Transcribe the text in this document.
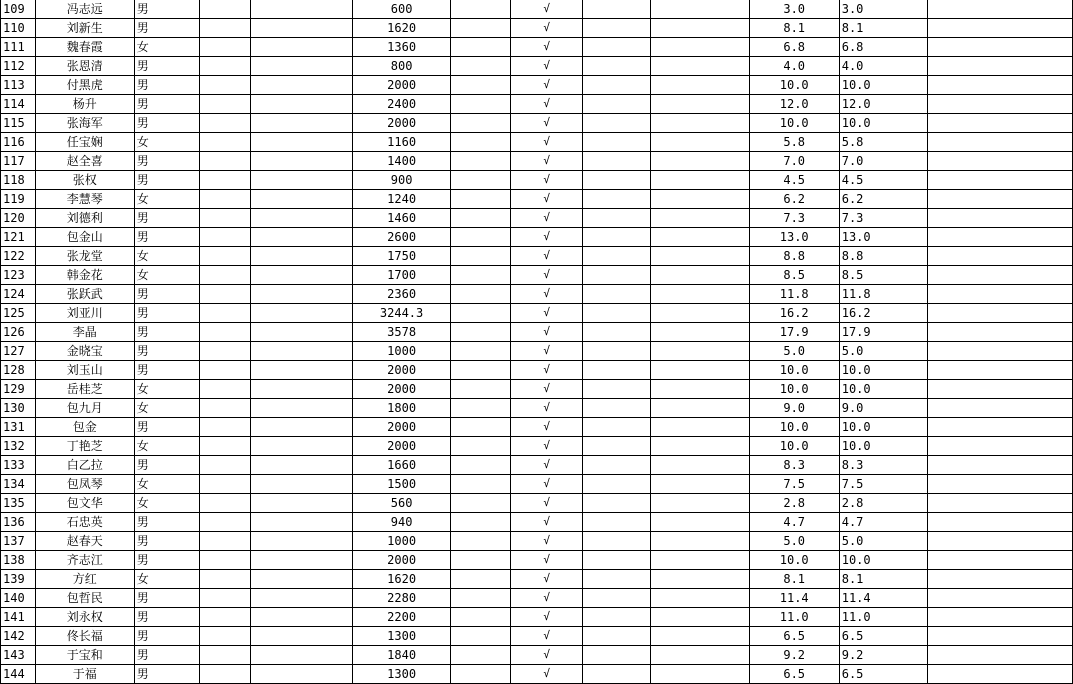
109	冯志远	男			600		√			3.0	3.0	
110	刘新生	男			1620		√			8.1	8.1	
111	魏春霞	女			1360		√			6.8	6.8	
112	张恩清	男			800		√			4.0	4.0	
113	付黑虎	男			2000		√			10.0	10.0	
114	杨升	男			2400		√			12.0	12.0	
115	张海军	男			2000		√			10.0	10.0	
116	任宝娴	女			1160		√			5.8	5.8	
117	赵全喜	男			1400		√			7.0	7.0	
118	张权	男			900		√			4.5	4.5	
119	李慧琴	女			1240		√			6.2	6.2	
120	刘德利	男			1460		√			7.3	7.3	
121	包金山	男			2600		√			13.0	13.0	
122	张龙堂	女			1750		√			8.8	8.8	
123	韩金花	女			1700		√			8.5	8.5	
124	张跃武	男			2360		√			11.8	11.8	
125	刘亚川	男			3244.3		√			16.2	16.2	
126	李晶	男			3578		√			17.9	17.9	
127	金晓宝	男			1000		√			5.0	5.0	
128	刘玉山	男			2000		√			10.0	10.0	
129	岳桂芝	女			2000		√			10.0	10.0	
130	包九月	女			1800		√			9.0	9.0	
131	包金	男			2000		√			10.0	10.0	
132	丁艳芝	女			2000		√			10.0	10.0	
133	白乙拉	男			1660		√			8.3	8.3	
134	包凤琴	女			1500		√			7.5	7.5	
135	包文华	女			560		√			2.8	2.8	
136	石忠英	男			940		√			4.7	4.7	
137	赵春天	男			1000		√			5.0	5.0	
138	齐志江	男			2000		√			10.0	10.0	
139	方红	女			1620		√			8.1	8.1	
140	包哲民	男			2280		√			11.4	11.4	
141	刘永权	男			2200		√			11.0	11.0	
142	佟长福	男			1300		√			6.5	6.5	
143	于宝和	男			1840		√			9.2	9.2	
144	于福	男			1300		√			6.5	6.5	
